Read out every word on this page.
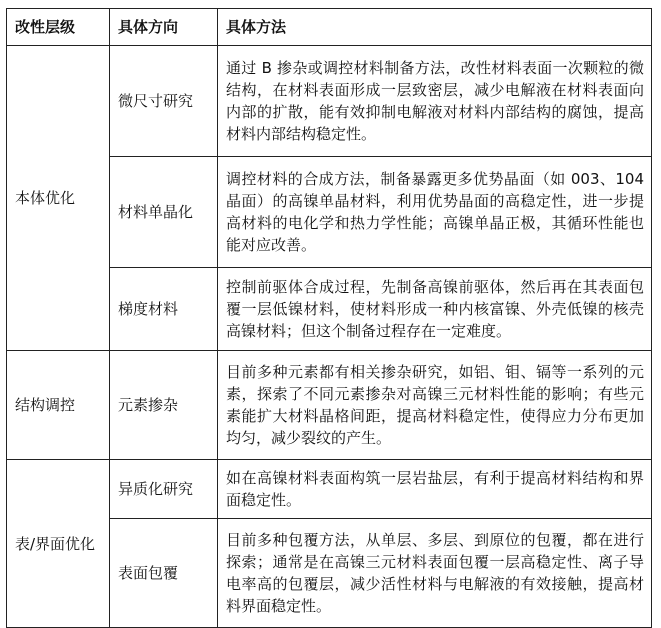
改性层级	具体方向	具体方法
本体优化	微尺寸研究	通过 B 掺杂或调控材料制备方法，改性材料表面一次颗粒的微结构，在材料表面形成一层致密层，减少电解液在材料表面向内部的扩散，能有效抑制电解液对材料内部结构的腐蚀，提高材料内部结构稳定性。
	材料单晶化	调控材料的合成方法，制备暴露更多优势晶面（如 003、104 晶面）的高镍单晶材料，利用优势晶面的高稳定性，进一步提高材料的电化学和热力学性能；高镍单晶正极，其循环性能也能对应改善。
	梯度材料	控制前驱体合成过程，先制备高镍前驱体，然后再在其表面包覆一层低镍材料，使材料形成一种内核富镍、外壳低镍的核壳高镍材料；但这个制备过程存在一定难度。
结构调控	元素掺杂	目前多种元素都有相关掺杂研究，如铝、钼、镉等一系列的元素，探索了不同元素掺杂对高镍三元材料性能的影响；有些元素能扩大材料晶格间距，提高材料稳定性，使得应力分布更加均匀，减少裂纹的产生。
表/界面优化	异质化研究	如在高镍材料表面构筑一层岩盐层，有利于提高材料结构和界面稳定性。
	表面包覆	目前多种包覆方法，从单层、多层、到原位的包覆，都在进行探索；通常是在高镍三元材料表面包覆一层高稳定性、离子导电率高的包覆层，减少活性材料与电解液的有效接触，提高材料界面稳定性。
